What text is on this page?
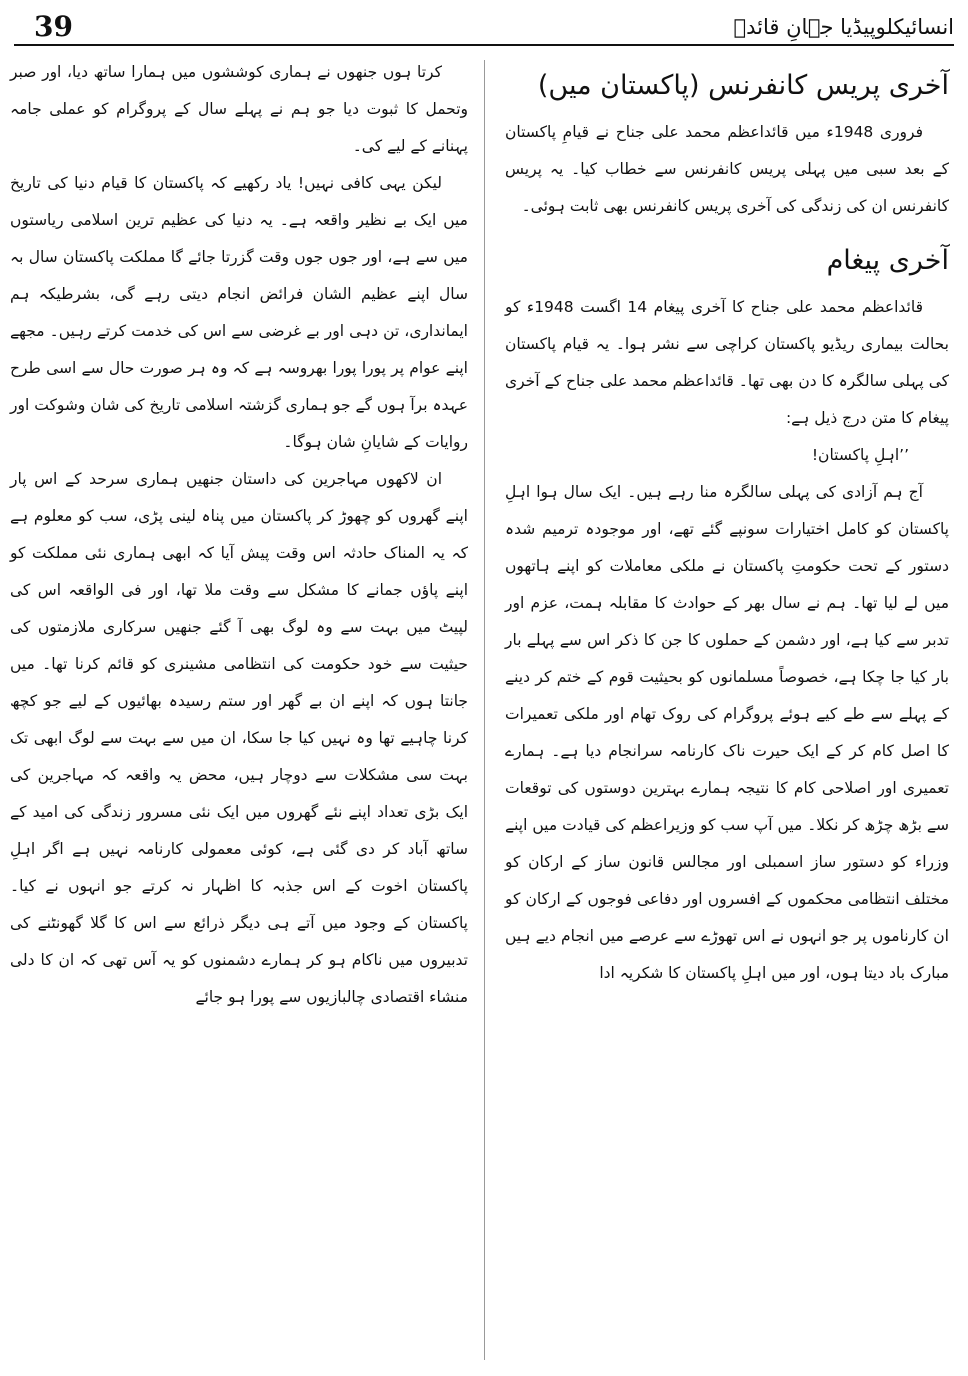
39	انسائیکلوپیڈیا جہانِ قائدؒ
آخری پریس کانفرنس (پاکستان میں)

فروری 1948ء میں قائداعظم محمد علی جناح نے قیامِ پاکستان کے بعد سبی میں پہلی پریس کانفرنس سے خطاب کیا۔ یہ پریس کانفرنس ان کی زندگی کی آخری پریس کانفرنس بھی ثابت ہوئی۔

آخری پیغام

قائداعظم محمد علی جناح کا آخری پیغام 14 اگست 1948ء کو بحالت بیماری ریڈیو پاکستان کراچی سے نشر ہوا۔ یہ قیام پاکستان کی پہلی سالگرہ کا دن بھی تھا۔ قائداعظم محمد علی جناح کے آخری پیغام کا متن درج ذیل ہے:

’’اہلِ پاکستان!

آج ہم آزادی کی پہلی سالگرہ منا رہے ہیں۔ ایک سال ہوا اہلِ پاکستان کو کامل اختیارات سونپے گئے تھے، اور موجودہ ترمیم شدہ دستور کے تحت حکومتِ پاکستان نے ملکی معاملات کو اپنے ہاتھوں میں لے لیا تھا۔ ہم نے سال بھر کے حوادث کا مقابلہ ہمت، عزم اور تدبر سے کیا ہے، اور دشمن کے حملوں کا جن کا ذکر اس سے پہلے بار بار کیا جا چکا ہے، خصوصاً مسلمانوں کو بحیثیت قوم کے ختم کر دینے کے پہلے سے طے کیے ہوئے پروگرام کی روک تھام اور ملکی تعمیرات کا اصل کام کر کے ایک حیرت ناک کارنامہ سرانجام دیا ہے۔ ہمارے تعمیری اور اصلاحی کام کا نتیجہ ہمارے بہترین دوستوں کی توقعات سے بڑھ چڑھ کر نکلا۔ میں آپ سب کو وزیراعظم کی قیادت میں اپنے وزراء کو دستور ساز اسمبلی اور مجالس قانون ساز کے ارکان کو مختلف انتظامی محکموں کے افسروں اور دفاعی فوجوں کے ارکان کو ان کارناموں پر جو انہوں نے اس تھوڑے سے عرصے میں انجام دیے ہیں مبارک باد دیتا ہوں، اور میں اہلِ پاکستان کا شکریہ ادا

کرتا ہوں جنھوں نے ہماری کوششوں میں ہمارا ساتھ دیا، اور صبر وتحمل کا ثبوت دیا جو ہم نے پہلے سال کے پروگرام کو عملی جامہ پہنانے کے لیے کی۔

لیکن یہی کافی نہیں! یاد رکھیے کہ پاکستان کا قیام دنیا کی تاریخ میں ایک بے نظیر واقعہ ہے۔ یہ دنیا کی عظیم ترین اسلامی ریاستوں میں سے ہے، اور جوں جوں وقت گزرتا جائے گا مملکت پاکستان سال بہ سال اپنے عظیم الشان فرائض انجام دیتی رہے گی، بشرطیکہ ہم ایمانداری، تن دہی اور بے غرضی سے اس کی خدمت کرتے رہیں۔ مجھے اپنے عوام پر پورا پورا بھروسہ ہے کہ وہ ہر صورت حال سے اسی طرح عہدہ برآ ہوں گے جو ہماری گزشتہ اسلامی تاریخ کی شان وشوکت اور روایات کے شایانِ شان ہوگا۔

ان لاکھوں مہاجرین کی داستان جنھیں ہماری سرحد کے اس پار اپنے گھروں کو چھوڑ کر پاکستان میں پناہ لینی پڑی، سب کو معلوم ہے کہ یہ المناک حادثہ اس وقت پیش آیا کہ ابھی ہماری نئی مملکت کو اپنے پاؤں جمانے کا مشکل سے وقت ملا تھا، اور فی الواقعہ اس کی لپیٹ میں بہت سے وہ لوگ بھی آ گئے جنھیں سرکاری ملازمتوں کی حیثیت سے خود حکومت کی انتظامی مشینری کو قائم کرنا تھا۔ میں جانتا ہوں کہ اپنے ان بے گھر اور ستم رسیدہ بھائیوں کے لیے جو کچھ کرنا چاہیے تھا وہ نہیں کیا جا سکا، ان میں سے بہت سے لوگ ابھی تک بہت سی مشکلات سے دوچار ہیں، محض یہ واقعہ کہ مہاجرین کی ایک بڑی تعداد اپنے نئے گھروں میں ایک نئی مسرور زندگی کی امید کے ساتھ آباد کر دی گئی ہے، کوئی معمولی کارنامہ نہیں ہے اگر اہلِ پاکستان اخوت کے اس جذبہ کا اظہار نہ کرتے جو انہوں نے کیا۔ پاکستان کے وجود میں آتے ہی دیگر ذرائع سے اس کا گلا گھونٹنے کی تدبیروں میں ناکام ہو کر ہمارے دشمنوں کو یہ آس تھی کہ ان کا دلی منشاء اقتصادی چالبازیوں سے پورا ہو جائے
